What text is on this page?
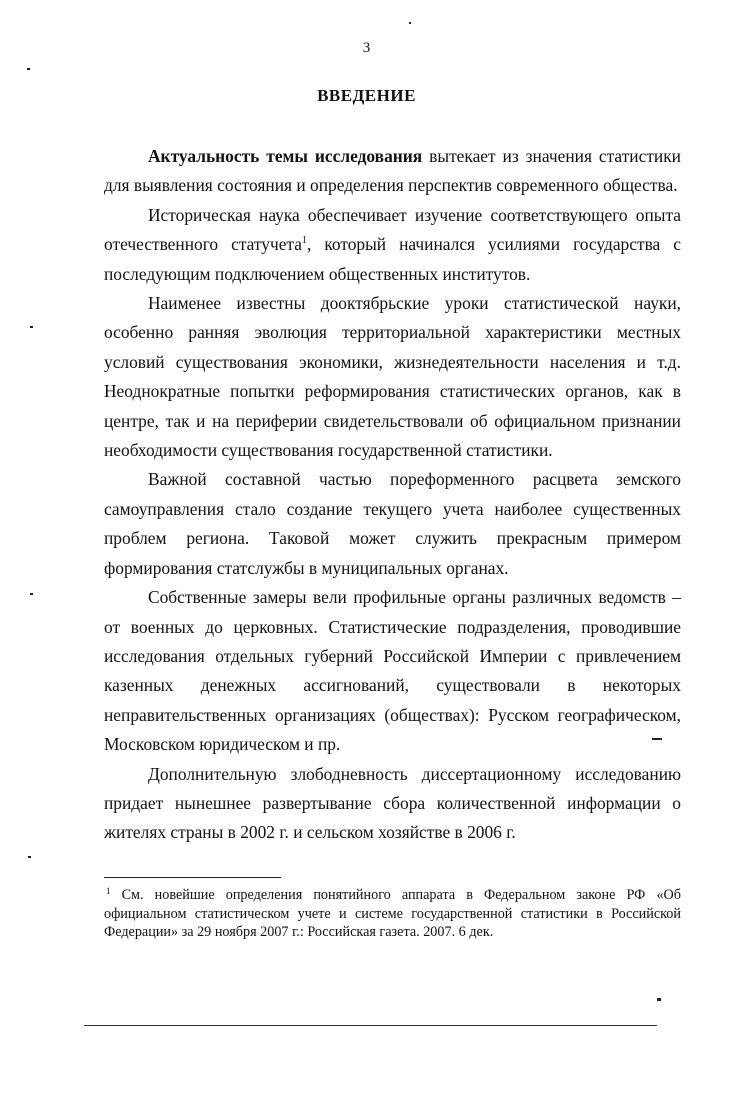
3
ВВЕДЕНИЕ

Актуальность темы исследования вытекает из значения статистики для выявления состояния и определения перспектив современного общества.

Историческая наука обеспечивает изучение соответствующего опыта отечественного статучета$^1$, который начинался усилиями государства с последующим подключением общественных институтов.

Наименее известны дооктябрьские уроки статистической науки, особенно ранняя эволюция территориальной характеристики местных условий существования экономики, жизнедеятельности населения и т.д. Неоднократные попытки реформирования статистических органов, как в центре, так и на периферии свидетельствовали об официальном признании необходимости существования государственной статистики.

Важной составной частью пореформенного расцвета земского самоуправления стало создание текущего учета наиболее существенных проблем региона. Таковой может служить прекрасным примером формирования статслужбы в муниципальных органах.

Собственные замеры вели профильные органы различных ведомств – от военных до церковных. Статистические подразделения, проводившие исследования отдельных губерний Российской Империи с привлечением казенных денежных ассигнований, существовали в некоторых неправительственных организациях (обществах): Русском географическом, Московском юридическом и пр.

Дополнительную злободневность диссертационному исследованию придает нынешнее развертывание сбора количественной информации о жителях страны в 2002 г. и сельском хозяйстве в 2006 г.

$^1$ См. новейшие определения понятийного аппарата в Федеральном законе РФ «Об официальном статистическом учете и системе государственной статистики в Российской Федерации» за 29 ноября 2007 г.: Российская газета. 2007. 6 дек.
